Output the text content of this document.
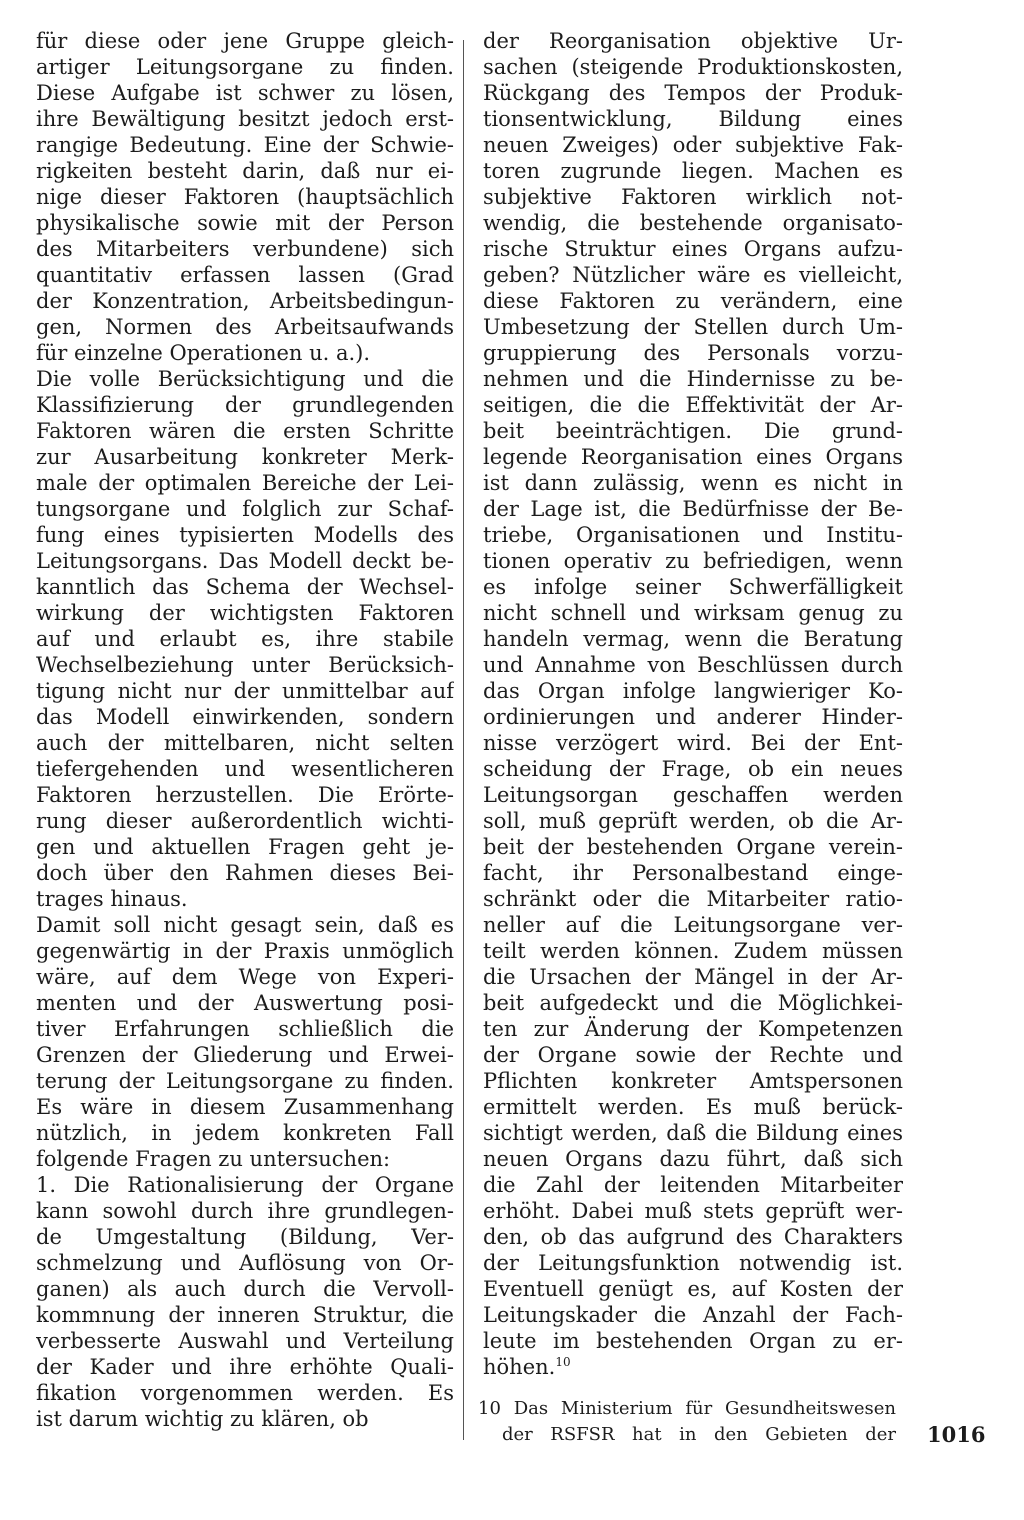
für diese oder jene Gruppe gleich-
artiger Leitungsorgane zu finden.
Diese Aufgabe ist schwer zu lösen,
ihre Bewältigung besitzt jedoch erst-
rangige Bedeutung. Eine der Schwie-
rigkeiten besteht darin, daß nur ei-
nige dieser Faktoren (hauptsächlich
physikalische sowie mit der Person
des Mitarbeiters verbundene) sich
quantitativ erfassen lassen (Grad
der Konzentration, Arbeitsbedingun-
gen, Normen des Arbeitsaufwands
für einzelne Operationen u. a.).
Die volle Berücksichtigung und die
Klassifizierung der grundlegenden
Faktoren wären die ersten Schritte
zur Ausarbeitung konkreter Merk-
male der optimalen Bereiche der Lei-
tungsorgane und folglich zur Schaf-
fung eines typisierten Modells des
Leitungsorgans. Das Modell deckt be-
kanntlich das Schema der Wechsel-
wirkung der wichtigsten Faktoren
auf und erlaubt es, ihre stabile
Wechselbeziehung unter Berücksich-
tigung nicht nur der unmittelbar auf
das Modell einwirkenden, sondern
auch der mittelbaren, nicht selten
tiefergehenden und wesentlicheren
Faktoren herzustellen. Die Erörte-
rung dieser außerordentlich wichti-
gen und aktuellen Fragen geht je-
doch über den Rahmen dieses Bei-
trages hinaus.
Damit soll nicht gesagt sein, daß es
gegenwärtig in der Praxis unmöglich
wäre, auf dem Wege von Experi-
menten und der Auswertung posi-
tiver Erfahrungen schließlich die
Grenzen der Gliederung und Erwei-
terung der Leitungsorgane zu finden.
Es wäre in diesem Zusammenhang
nützlich, in jedem konkreten Fall
folgende Fragen zu untersuchen:
1. Die Rationalisierung der Organe
kann sowohl durch ihre grundlegen-
de Umgestaltung (Bildung, Ver-
schmelzung und Auflösung von Or-
ganen) als auch durch die Vervoll-
kommnung der inneren Struktur, die
verbesserte Auswahl und Verteilung
der Kader und ihre erhöhte Quali-
fikation vorgenommen werden. Es
ist darum wichtig zu klären, ob
der Reorganisation objektive Ur-
sachen (steigende Produktionskosten,
Rückgang des Tempos der Produk-
tionsentwicklung, Bildung eines
neuen Zweiges) oder subjektive Fak-
toren zugrunde liegen. Machen es
subjektive Faktoren wirklich not-
wendig, die bestehende organisato-
rische Struktur eines Organs aufzu-
geben? Nützlicher wäre es vielleicht,
diese Faktoren zu verändern, eine
Umbesetzung der Stellen durch Um-
gruppierung des Personals vorzu-
nehmen und die Hindernisse zu be-
seitigen, die die Effektivität der Ar-
beit beeinträchtigen. Die grund-
legende Reorganisation eines Organs
ist dann zulässig, wenn es nicht in
der Lage ist, die Bedürfnisse der Be-
triebe, Organisationen und Institu-
tionen operativ zu befriedigen, wenn
es infolge seiner Schwerfälligkeit
nicht schnell und wirksam genug zu
handeln vermag, wenn die Beratung
und Annahme von Beschlüssen durch
das Organ infolge langwieriger Ko-
ordinierungen und anderer Hinder-
nisse verzögert wird. Bei der Ent-
scheidung der Frage, ob ein neues
Leitungsorgan geschaffen werden
soll, muß geprüft werden, ob die Ar-
beit der bestehenden Organe verein-
facht, ihr Personalbestand einge-
schränkt oder die Mitarbeiter ratio-
neller auf die Leitungsorgane ver-
teilt werden können. Zudem müssen
die Ursachen der Mängel in der Ar-
beit aufgedeckt und die Möglichkei-
ten zur Änderung der Kompetenzen
der Organe sowie der Rechte und
Pflichten konkreter Amtspersonen
ermittelt werden. Es muß berück-
sichtigt werden, daß die Bildung eines
neuen Organs dazu führt, daß sich
die Zahl der leitenden Mitarbeiter
erhöht. Dabei muß stets geprüft wer-
den, ob das aufgrund des Charakters
der Leitungsfunktion notwendig ist.
Eventuell genügt es, auf Kosten der
Leitungskader die Anzahl der Fach-
leute im bestehenden Organ zu er-
höhen.$^{10}$
10 Das Ministerium für Gesundheitswesen
der RSFSR hat in den Gebieten der 1016
